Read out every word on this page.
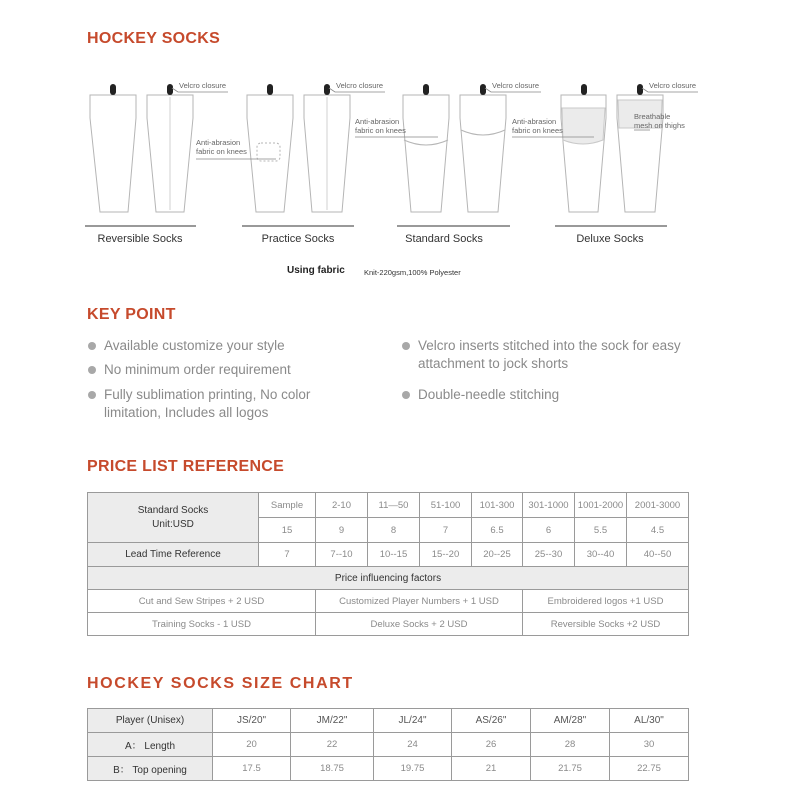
HOCKEY SOCKS
Velcro closure	Velcro closure	Velcro closure	Velcro closure
Anti-abrasion
fabric on knees
Anti-abrasion
fabric on knees
Anti-abrasion
fabric on knees
Breathable
mesh on thighs
Reversible Socks	Practice Socks	Standard Socks	Deluxe Socks
Using fabric	Knit-220gsm,100% Polyester
KEY POINT
Available customize your style
No minimum order requirement
Fully sublimation printing, No color limitation, Includes all logos
Velcro inserts stitched into the sock for easy attachment to jock shorts
Double-needle stitching
PRICE LIST REFERENCE
Standard Socks
Unit:USD	Sample	2-10	11—50	51-100	101-300	301-1000	1001-2000	2001-3000
	15	9	8	7	6.5	6	5.5	4.5
Lead Time Reference	7	7--10	10--15	15--20	20--25	25--30	30--40	40--50
Price influencing factors								
Cut and Sew Stripes + 2 USD		Customized Player Numbers + 1 USD				Embroidered logos +1 USD		
Training Socks - 1 USD		Deluxe Socks + 2 USD				Reversible Socks +2 USD		
HOCKEY SOCKS SIZE CHART
Player (Unisex)	JS/20"	JM/22"	JL/24"	AS/26"	AM/28"	AL/30"
A： Length	20	22	24	26	28	30
B： Top opening	17.5	18.75	19.75	21	21.75	22.75
